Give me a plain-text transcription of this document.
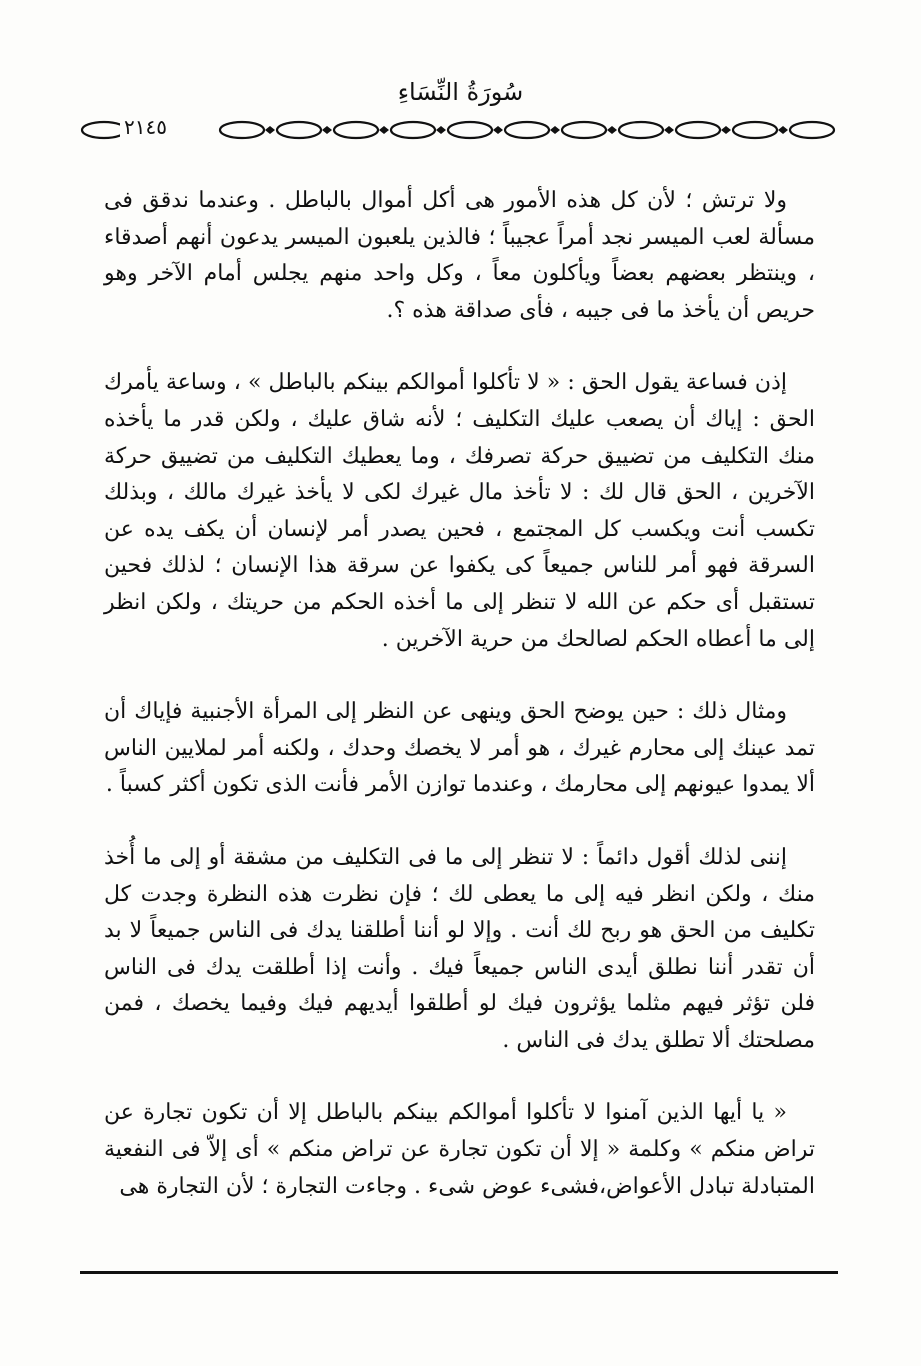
سُورَةُ النِّسَاءِ
٢١٤٥

ولا ترتش ؛ لأن كل هذه الأمور هى أكل أموال بالباطل . وعندما ندقق فى مسألة لعب الميسر نجد أمراً عجيباً ؛ فالذين يلعبون الميسر يدعون أنهم أصدقاء ، وينتظر بعضهم بعضاً ويأكلون معاً ، وكل واحد منهم يجلس أمام الآخر وهو حريص أن يأخذ ما فى جيبه ، فأى صداقة هذه ؟.

إذن فساعة يقول الحق : « لا تأكلوا أموالكم بينكم بالباطل » ، وساعة يأمرك الحق : إياك أن يصعب عليك التكليف ؛ لأنه شاق عليك ، ولكن قدر ما يأخذه منك التكليف من تضييق حركة تصرفك ، وما يعطيك التكليف من تضييق حركة الآخرين ، الحق قال لك : لا تأخذ مال غيرك لكى لا يأخذ غيرك مالك ، وبذلك تكسب أنت ويكسب كل المجتمع ، فحين يصدر أمر لإنسان أن يكف يده عن السرقة فهو أمر للناس جميعاً كى يكفوا عن سرقة هذا الإنسان ؛ لذلك فحين تستقبل أى حكم عن الله لا تنظر إلى ما أخذه الحكم من حريتك ، ولكن انظر إلى ما أعطاه الحكم لصالحك من حرية الآخرين .

ومثال ذلك : حين يوضح الحق وينهى عن النظر إلى المرأة الأجنبية فإياك أن تمد عينك إلى محارم غيرك ، هو أمر لا يخصك وحدك ، ولكنه أمر لملايين الناس ألا يمدوا عيونهم إلى محارمك ، وعندما توازن الأمر فأنت الذى تكون أكثر كسباً .

إننى لذلك أقول دائماً : لا تنظر إلى ما فى التكليف من مشقة أو إلى ما أُخذ منك ، ولكن انظر فيه إلى ما يعطى لك ؛ فإن نظرت هذه النظرة وجدت كل تكليف من الحق هو ربح لك أنت . وإلا لو أننا أطلقنا يدك فى الناس جميعاً لا بد أن تقدر أننا نطلق أيدى الناس جميعاً فيك . وأنت إذا أطلقت يدك فى الناس فلن تؤثر فيهم مثلما يؤثرون فيك لو أطلقوا أيديهم فيك وفيما يخصك ، فمن مصلحتك ألا تطلق يدك فى الناس .

« يا أيها الذين آمنوا لا تأكلوا أموالكم بينكم بالباطل إلا أن تكون تجارة عن تراض منكم » وكلمة « إلا أن تكون تجارة عن تراض منكم » أى إلاّ فى النفعية المتبادلة تبادل الأعواض،فشىء عوض شىء . وجاءت التجارة ؛ لأن التجارة هى
